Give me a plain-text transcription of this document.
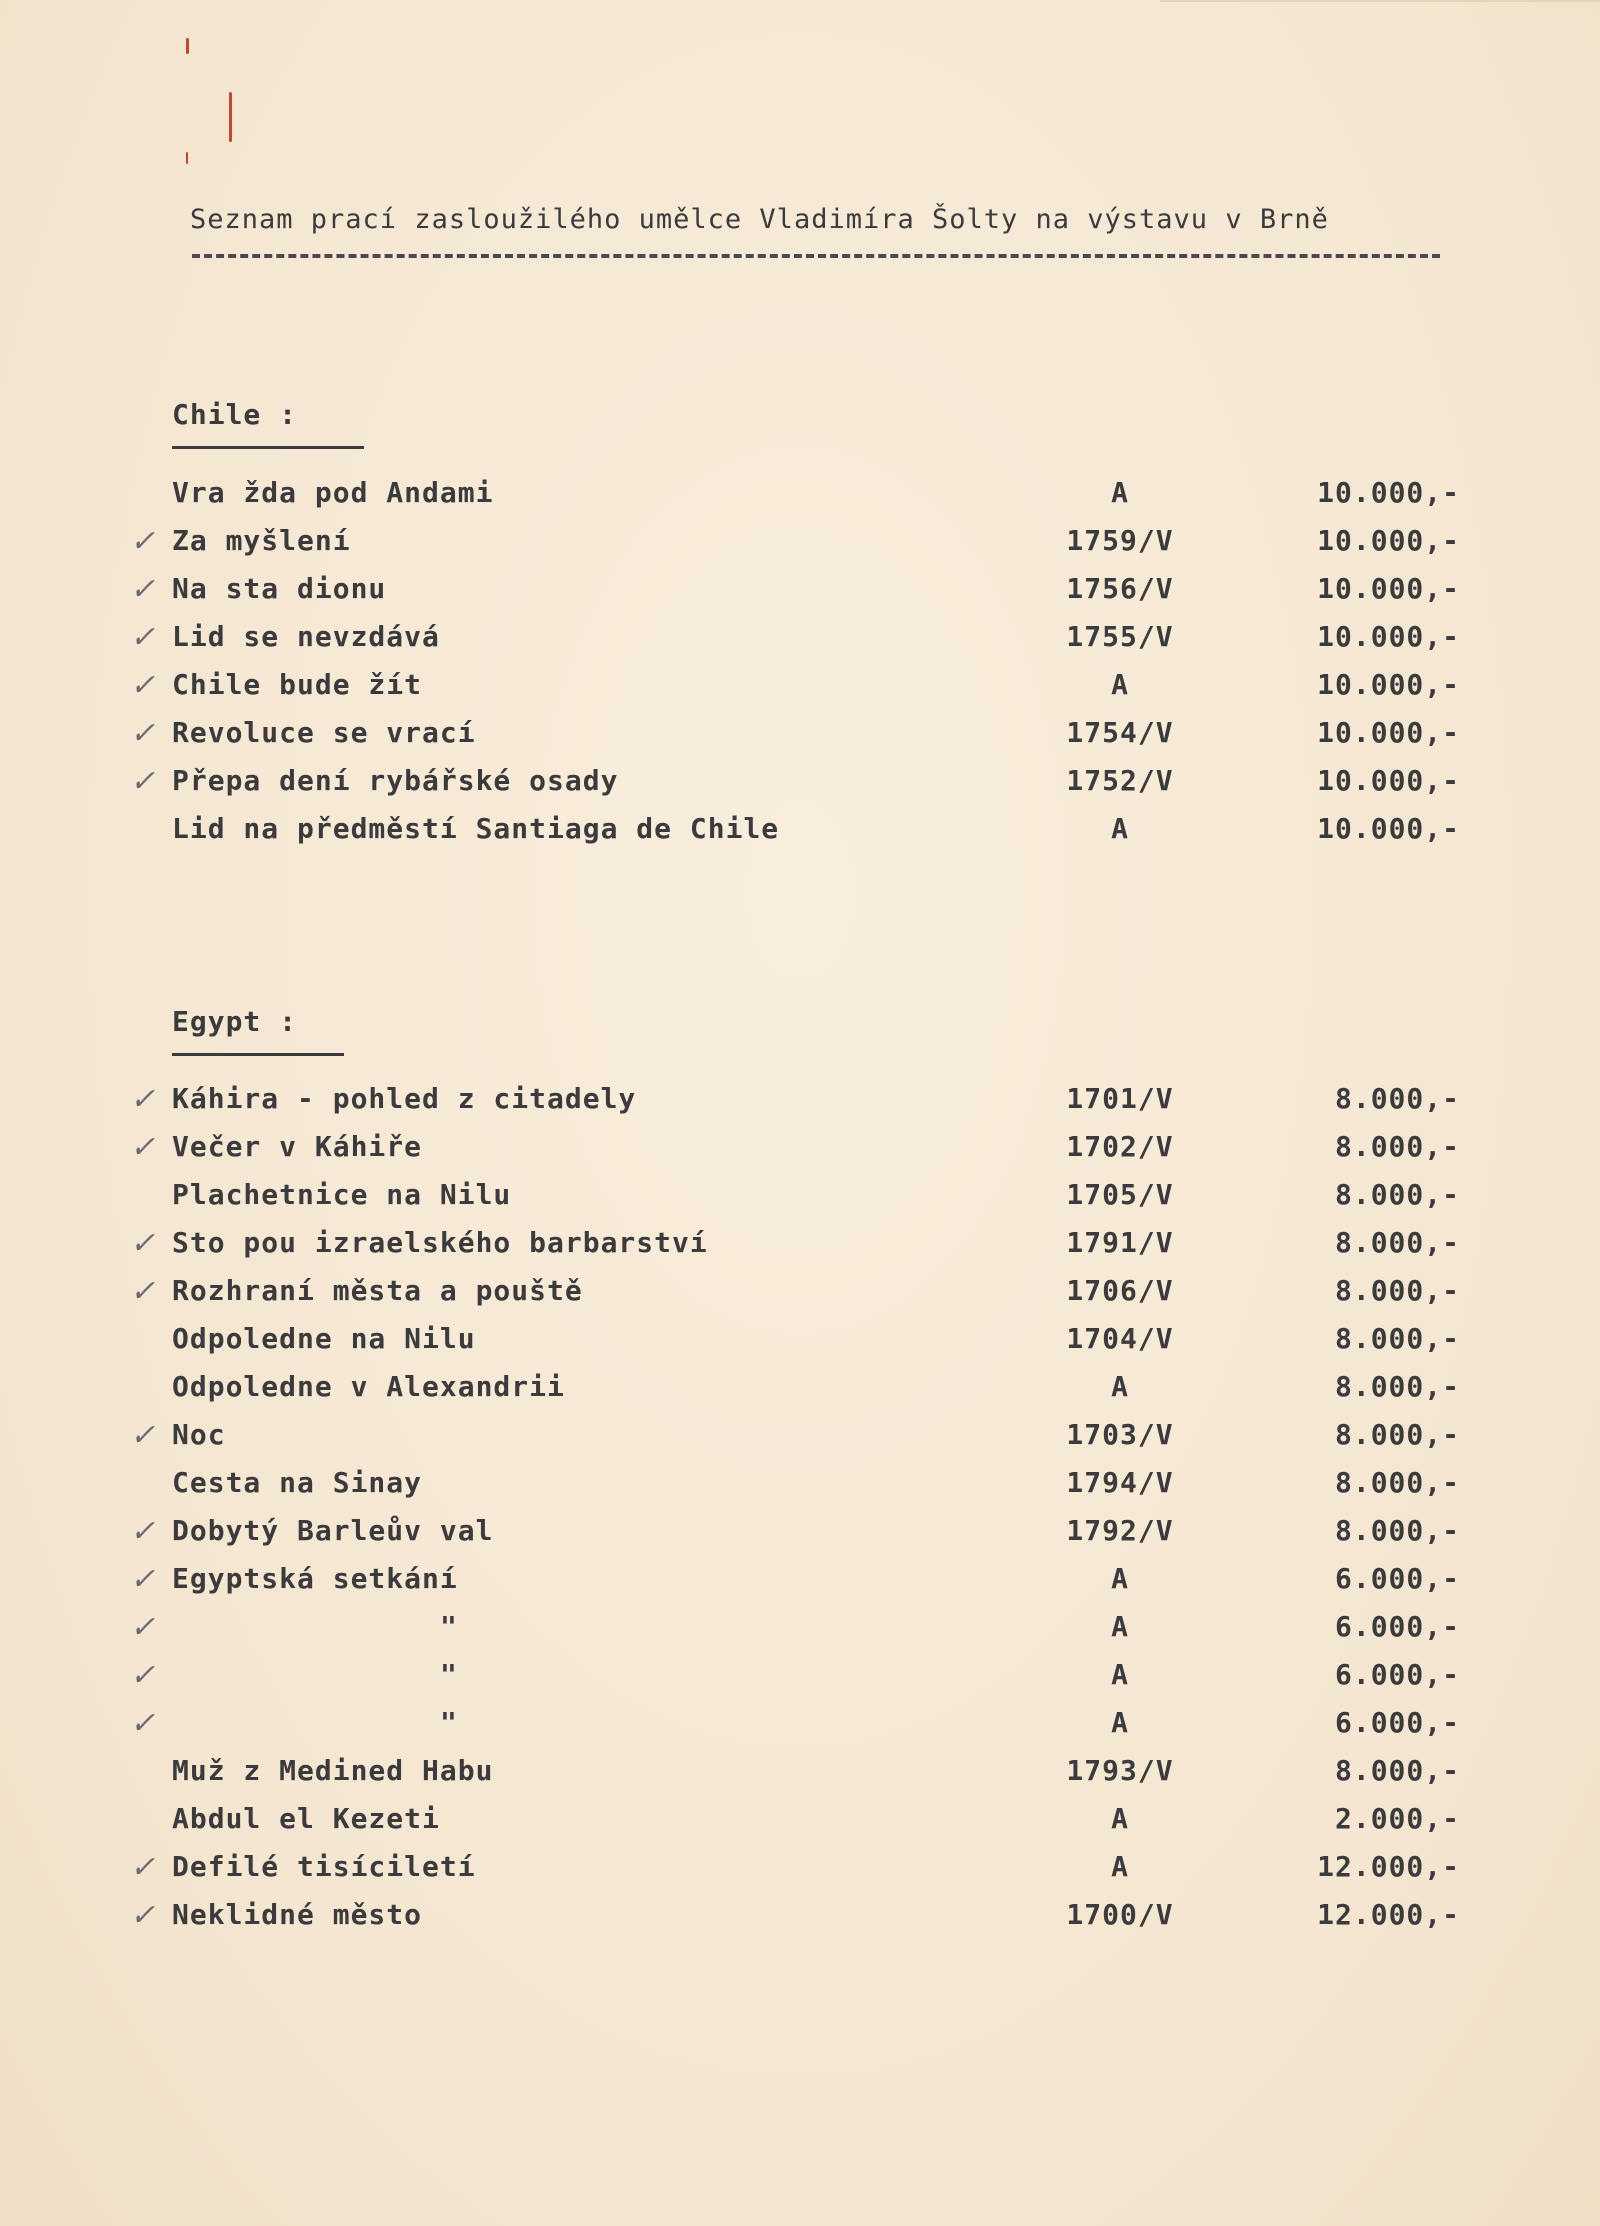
Seznam prací zasloužilého umělce Vladimíra Šolty na výstavu v Brně
Chile :
Vra žda pod Andami	A	10.000,-
✓ Za myšlení	1759/V	10.000,-
✓ Na sta dionu	1756/V	10.000,-
✓ Lid se nevzdává	1755/V	10.000,-
✓ Chile bude žít	A	10.000,-
✓ Revoluce se vrací	1754/V	10.000,-
✓ Přepa dení rybářské osady	1752/V	10.000,-
Lid na předměstí Santiaga de Chile	A	10.000,-
Egypt :
✓ Káhira - pohled z citadely	1701/V	8.000,-
✓ Večer v Káhiře	1702/V	8.000,-
Plachetnice na Nilu	1705/V	8.000,-
✓ Sto pou izraelského barbarství	1791/V	8.000,-
✓ Rozhraní města a pouště	1706/V	8.000,-
Odpoledne na Nilu	1704/V	8.000,-
Odpoledne v Alexandrii	A	8.000,-
✓ Noc	1703/V	8.000,-
Cesta na Sinay	1794/V	8.000,-
✓ Dobytý Barleův val	1792/V	8.000,-
✓ Egyptská setkání	A	6.000,-
✓	"	A	6.000,-
✓	"	A	6.000,-
✓	"	A	6.000,-
Muž z Medined Habu	1793/V	8.000,-
Abdul el Kezeti	A	2.000,-
✓ Defilé tisíciletí	A	12.000,-
✓ Neklidné město	1700/V	12.000,-
